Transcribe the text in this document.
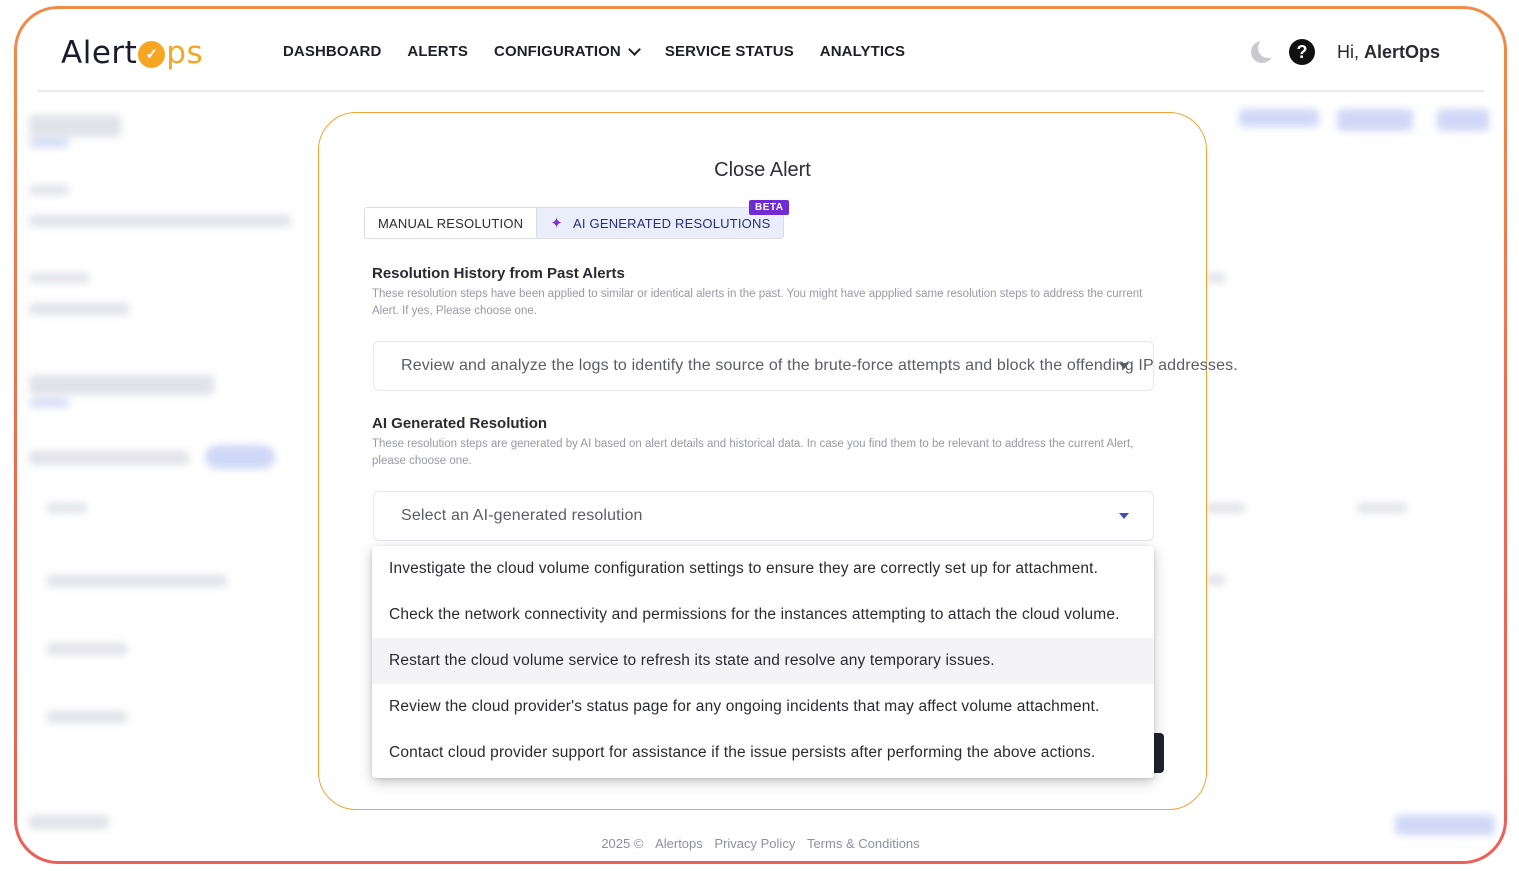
Alert ✓ ps	DASHBOARD ALERTS CONFIGURATION	SERVICE STATUS ANALYTICS	? Hi, AlertOps
2025 © Alertops Privacy Policy Terms & Conditions
Close Alert
MANUAL RESOLUTION ✦ AI GENERATED RESOLUTIONS
BETA
Resolution History from Past Alerts
These resolution steps have been applied to similar or identical alerts in the past. You might have appplied same resolution steps to address the current Alert. If yes, Please choose one.
Review and analyze the logs to identify the source of the brute-force attempts and block the offending IP addresses.
AI Generated Resolution
These resolution steps are generated by AI based on alert details and historical data. In case you find them to be relevant to address the current Alert, please choose one.
Select an AI-generated resolution
Investigate the cloud volume configuration settings to ensure they are correctly set up for attachment.
Check the network connectivity and permissions for the instances attempting to attach the cloud volume.
Restart the cloud volume service to refresh its state and resolve any temporary issues.
Review the cloud provider's status page for any ongoing incidents that may affect volume attachment.
Contact cloud provider support for assistance if the issue persists after performing the above actions.
